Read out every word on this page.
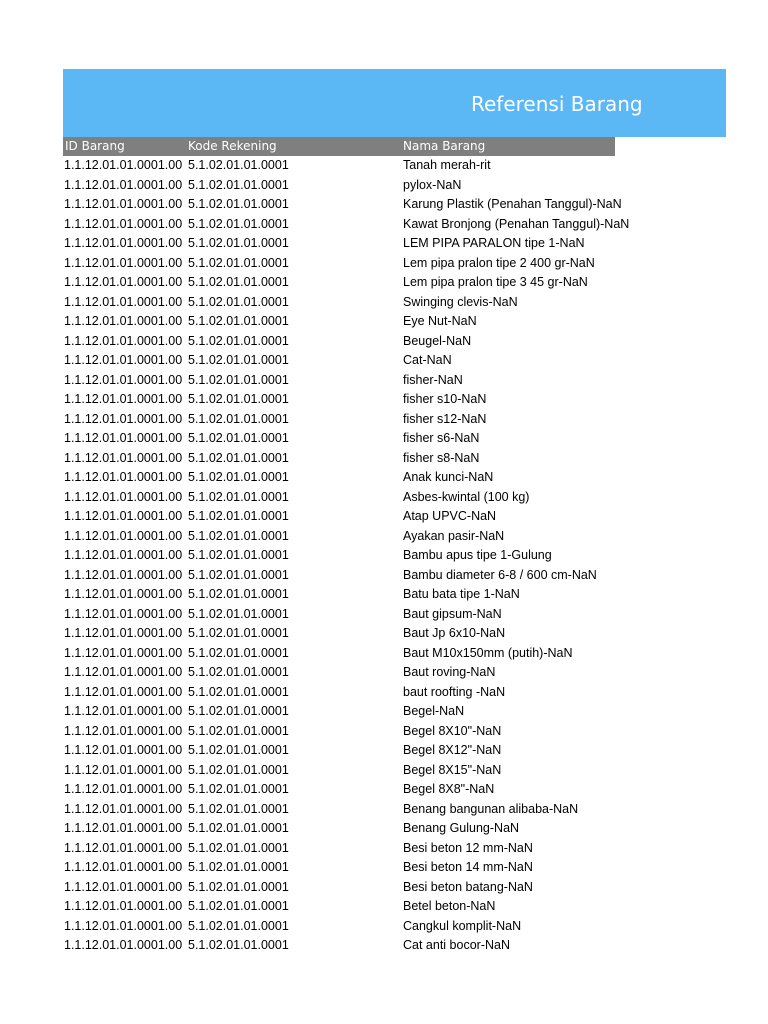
Referensi Barang
ID Barang	Kode Rekening	Nama Barang
1.1.12.01.01.0001.00 5.1.02.01.01.0001	Tanah merah-rit
1.1.12.01.01.0001.00 5.1.02.01.01.0001	pylox-NaN
1.1.12.01.01.0001.00 5.1.02.01.01.0001	Karung Plastik (Penahan Tanggul)-NaN
1.1.12.01.01.0001.00 5.1.02.01.01.0001	Kawat Bronjong (Penahan Tanggul)-NaN
1.1.12.01.01.0001.00 5.1.02.01.01.0001	LEM PIPA PARALON tipe 1-NaN
1.1.12.01.01.0001.00 5.1.02.01.01.0001	Lem pipa pralon tipe 2 400 gr-NaN
1.1.12.01.01.0001.00 5.1.02.01.01.0001	Lem pipa pralon tipe 3 45 gr-NaN
1.1.12.01.01.0001.00 5.1.02.01.01.0001	Swinging clevis-NaN
1.1.12.01.01.0001.00 5.1.02.01.01.0001	Eye Nut-NaN
1.1.12.01.01.0001.00 5.1.02.01.01.0001	Beugel-NaN
1.1.12.01.01.0001.00 5.1.02.01.01.0001	Cat-NaN
1.1.12.01.01.0001.00 5.1.02.01.01.0001	fisher-NaN
1.1.12.01.01.0001.00 5.1.02.01.01.0001	fisher s10-NaN
1.1.12.01.01.0001.00 5.1.02.01.01.0001	fisher s12-NaN
1.1.12.01.01.0001.00 5.1.02.01.01.0001	fisher s6-NaN
1.1.12.01.01.0001.00 5.1.02.01.01.0001	fisher s8-NaN
1.1.12.01.01.0001.00 5.1.02.01.01.0001	Anak kunci-NaN
1.1.12.01.01.0001.00 5.1.02.01.01.0001	Asbes-kwintal (100 kg)
1.1.12.01.01.0001.00 5.1.02.01.01.0001	Atap UPVC-NaN
1.1.12.01.01.0001.00 5.1.02.01.01.0001	Ayakan pasir-NaN
1.1.12.01.01.0001.00 5.1.02.01.01.0001	Bambu apus tipe 1-Gulung
1.1.12.01.01.0001.00 5.1.02.01.01.0001	Bambu diameter 6-8 / 600 cm-NaN
1.1.12.01.01.0001.00 5.1.02.01.01.0001	Batu bata tipe 1-NaN
1.1.12.01.01.0001.00 5.1.02.01.01.0001	Baut gipsum-NaN
1.1.12.01.01.0001.00 5.1.02.01.01.0001	Baut Jp 6x10-NaN
1.1.12.01.01.0001.00 5.1.02.01.01.0001	Baut M10x150mm (putih)-NaN
1.1.12.01.01.0001.00 5.1.02.01.01.0001	Baut roving-NaN
1.1.12.01.01.0001.00 5.1.02.01.01.0001	baut roofting -NaN
1.1.12.01.01.0001.00 5.1.02.01.01.0001	Begel-NaN
1.1.12.01.01.0001.00 5.1.02.01.01.0001	Begel 8X10"-NaN
1.1.12.01.01.0001.00 5.1.02.01.01.0001	Begel 8X12"-NaN
1.1.12.01.01.0001.00 5.1.02.01.01.0001	Begel 8X15"-NaN
1.1.12.01.01.0001.00 5.1.02.01.01.0001	Begel 8X8"-NaN
1.1.12.01.01.0001.00 5.1.02.01.01.0001	Benang bangunan alibaba-NaN
1.1.12.01.01.0001.00 5.1.02.01.01.0001	Benang Gulung-NaN
1.1.12.01.01.0001.00 5.1.02.01.01.0001	Besi beton 12 mm-NaN
1.1.12.01.01.0001.00 5.1.02.01.01.0001	Besi beton 14 mm-NaN
1.1.12.01.01.0001.00 5.1.02.01.01.0001	Besi beton batang-NaN
1.1.12.01.01.0001.00 5.1.02.01.01.0001	Betel beton-NaN
1.1.12.01.01.0001.00 5.1.02.01.01.0001	Cangkul komplit-NaN
1.1.12.01.01.0001.00 5.1.02.01.01.0001	Cat anti bocor-NaN
